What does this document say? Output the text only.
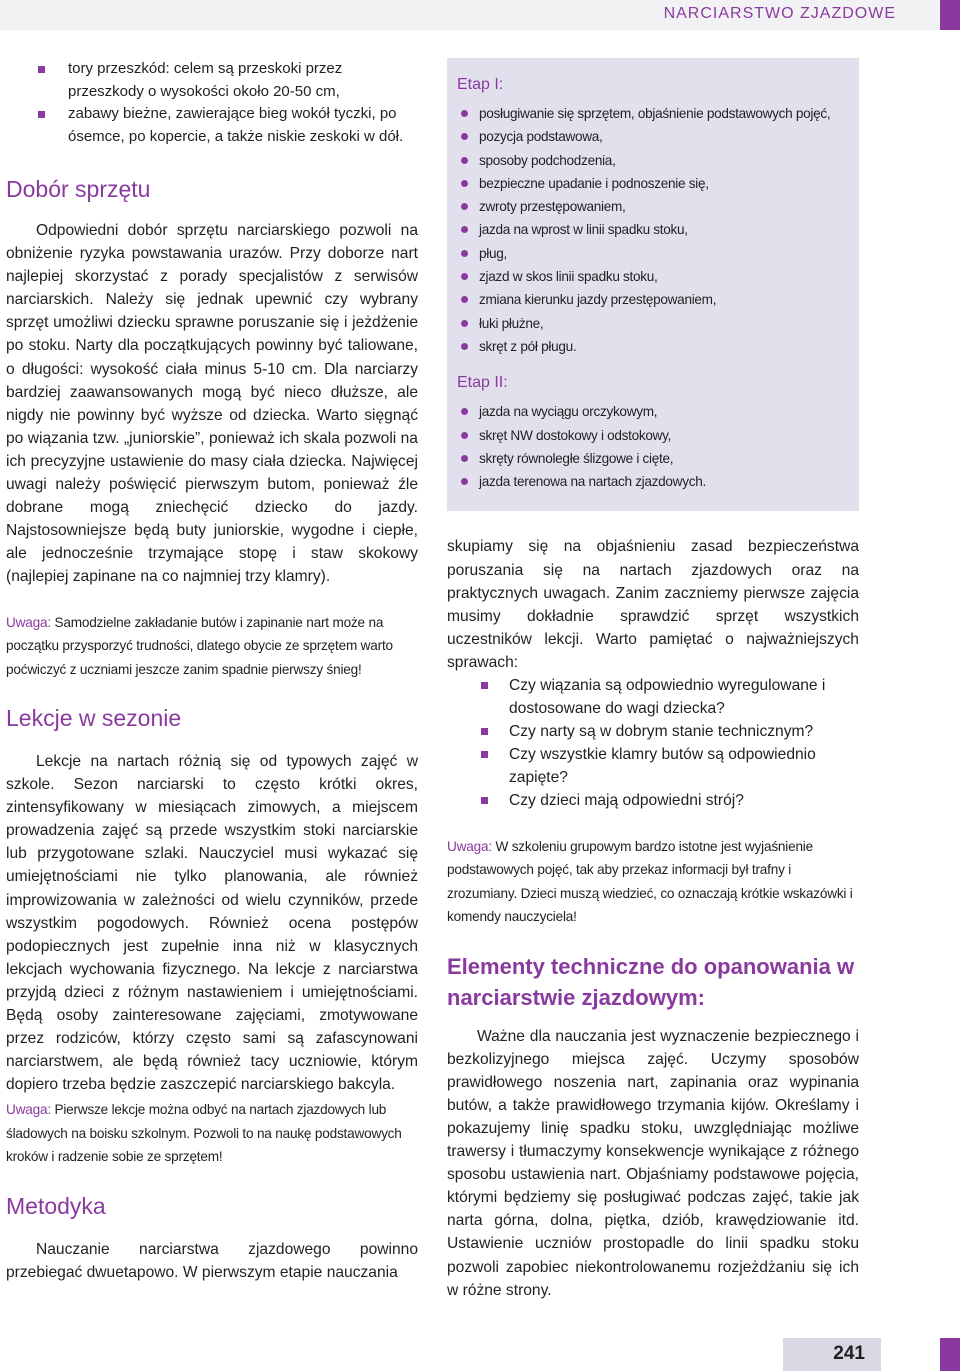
NARCIARSTWO ZJAZDOWE
tory przeszkód: celem są przeskoki przez przeszkody o wysokości około 20-50 cm,
zabawy bieżne, zawierające bieg wokół tyczki, po ósemce, po kopercie, a także niskie zeskoki w dół.
Dobór sprzętu

Odpowiedni dobór sprzętu narciarskiego pozwoli na obniżenie ryzyka powstawania urazów. Przy doborze nart najlepiej skorzystać z porady specjalistów z serwisów narciarskich. Należy się jednak upewnić czy wybrany sprzęt umożliwi dziecku sprawne poruszanie się i jeżdżenie po stoku. Narty dla początkujących powinny być taliowane, o długości: wysokość ciała minus 5-10 cm. Dla narciarzy bardziej zaawansowanych mogą być nieco dłuższe, ale nigdy nie powinny być wyższe od dziecka. Warto sięgnąć po wiązania tzw. „juniorskie”, ponieważ ich skala pozwoli na ich precyzyjne ustawienie do masy ciała dziecka. Najwięcej uwagi należy poświęcić pierwszym butom, ponieważ źle dobrane mogą zniechęcić dziecko do jazdy. Najstosowniejsze będą buty juniorskie, wygodne i ciepłe, ale jednocześnie trzymające stopę i staw skokowy (najlepiej zapinane na co najmniej trzy klamry).

Uwaga: Samodzielne zakładanie butów i zapinanie nart może na początku przysporzyć trudności, dlatego obycie ze sprzętem warto poćwiczyć z uczniami jeszcze zanim spadnie pierwszy śnieg!

Lekcje w sezonie

Lekcje na nartach różnią się od typowych zajęć w szkole. Sezon narciarski to często krótki okres, zintensyfikowany w miesiącach zimowych, a miejscem prowadzenia zajęć są przede wszystkim stoki narciarskie lub przygotowane szlaki. Nauczyciel musi wykazać się umiejętnościami nie tylko planowania, ale również improwizowania w zależności od wielu czynników, przede wszystkim pogodowych. Również ocena postępów podopiecznych jest zupełnie inna niż w klasycznych lekcjach wychowania fizycznego. Na lekcje z narciarstwa przyjdą dzieci z różnym nastawieniem i umiejętnościami. Będą osoby zainteresowane zajęciami, zmotywowane przez rodziców, którzy często sami są zafascynowani narciarstwem, ale będą również tacy uczniowie, którym dopiero trzeba będzie zaszczepić narciarskiego bakcyla.

Uwaga: Pierwsze lekcje można odbyć na nartach zjazdowych lub śladowych na boisku szkolnym. Pozwoli to na naukę podstawowych kroków i radzenie sobie ze sprzętem!

Metodyka

Nauczanie narciarstwa zjazdowego powinno przebiegać dwuetapowo. W pierwszym etapie nauczania

Etap I:
posługiwanie się sprzętem, objaśnienie podstawowych pojęć,
pozycja podstawowa,
sposoby podchodzenia,
bezpieczne upadanie i podnoszenie się,
zwroty przestępowaniem,
jazda na wprost w linii spadku stoku,
pług,
zjazd w skos linii spadku stoku,
zmiana kierunku jazdy przestępowaniem,
łuki płużne,
skręt z pół pługu.
Etap II:
jazda na wyciągu orczykowym,
skręt NW dostokowy i odstokowy,
skręty równoległe ślizgowe i cięte,
jazda terenowa na nartach zjazdowych.

skupiamy się na objaśnieniu zasad bezpieczeństwa poruszania się na nartach zjazdowych oraz na praktycznych uwagach. Zanim zaczniemy pierwsze zajęcia musimy dokładnie sprawdzić sprzęt wszystkich uczestników lekcji. Warto pamiętać o najważniejszych sprawach:

Czy wiązania są odpowiednio wyregulowane i dostosowane do wagi dziecka?
Czy narty są w dobrym stanie technicznym?
Czy wszystkie klamry butów są odpowiednio zapięte?
Czy dzieci mają odpowiedni strój?

Uwaga: W szkoleniu grupowym bardzo istotne jest wyjaśnienie podstawowych pojęć, tak aby przekaz informacji był trafny i zrozumiany. Dzieci muszą wiedzieć, co oznaczają krótkie wskazówki i komendy nauczyciela!

Elementy techniczne do opanowania w narciarstwie zjazdowym:

Ważne dla nauczania jest wyznaczenie bezpiecznego i bezkolizyjnego miejsca zajęć. Uczymy sposobów prawidłowego noszenia nart, zapinania oraz wypinania butów, a także prawidłowego trzymania kijów. Określamy i pokazujemy linię spadku stoku, uwzględniając możliwe trawersy i tłumaczymy konsekwencje wynikające z różnego sposobu ustawienia nart. Objaśniamy podstawowe pojęcia, którymi będziemy się posługiwać podczas zajęć, takie jak narta górna, dolna, piętka, dziób, krawędziowanie itd. Ustawienie uczniów prostopadle do linii spadku stoku pozwoli zapobiec niekontrolowanemu rozjeżdżaniu się ich w różne strony.

241
